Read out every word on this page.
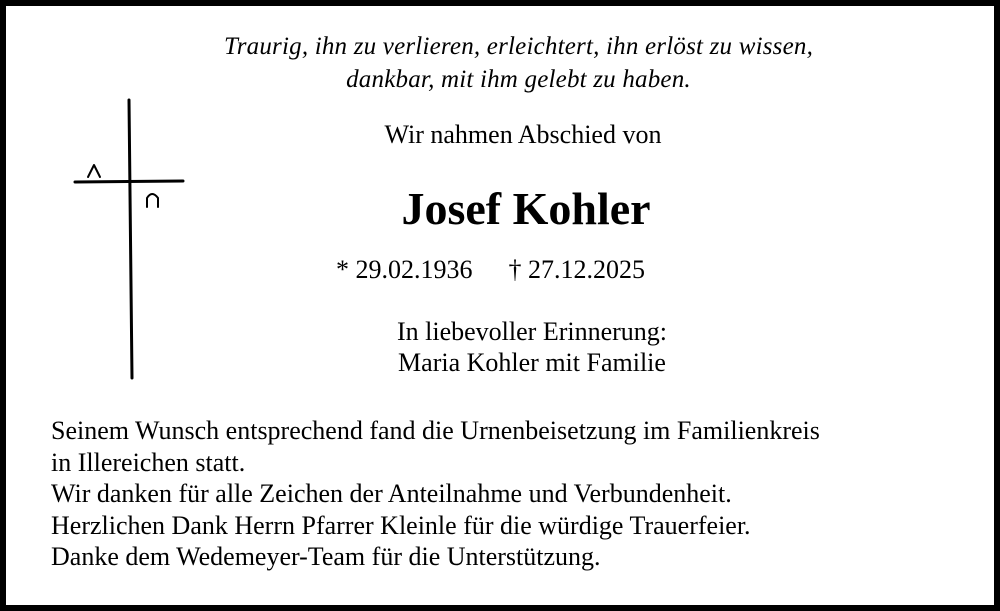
Traurig, ihn zu verlieren, erleichtert, ihn erlöst zu wissen,
dankbar, mit ihm gelebt zu haben.
Wir nahmen Abschied von
Josef Kohler
* 29.02.1936 † 27.12.2025
In liebevoller Erinnerung:
Maria Kohler mit Familie
Seinem Wunsch entsprechend fand die Urnenbeisetzung im Familienkreis
in Illereichen statt.
Wir danken für alle Zeichen der Anteilnahme und Verbundenheit.
Herzlichen Dank Herrn Pfarrer Kleinle für die würdige Trauerfeier.
Danke dem Wedemeyer-Team für die Unterstützung.
